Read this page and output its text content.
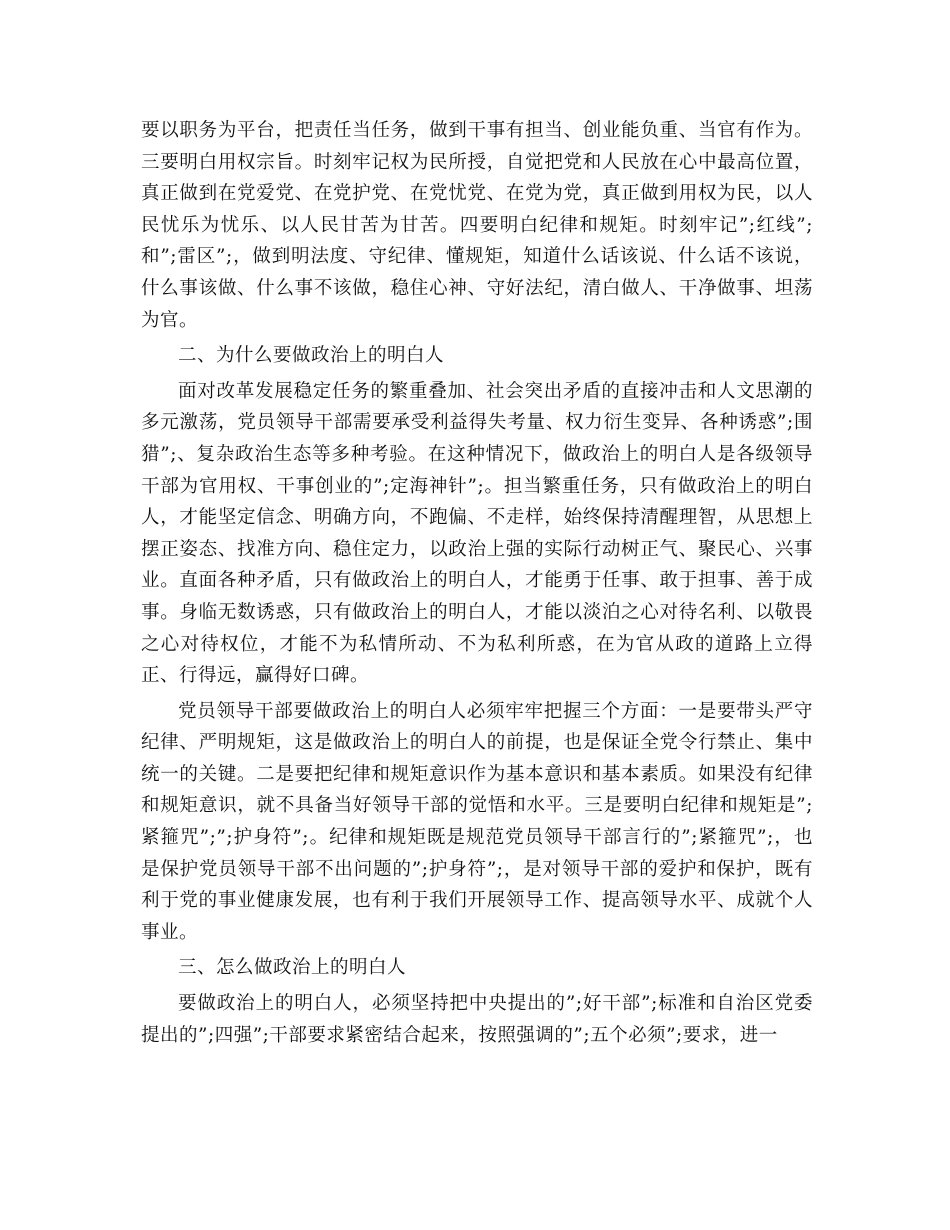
要以职务为平台，把责任当任务，做到干事有担当、创业能负重、当官有作为。三要明白用权宗旨。时刻牢记权为民所授，自觉把党和人民放在心中最高位置，真正做到在党爱党、在党护党、在党忧党、在党为党，真正做到用权为民，以人民忧乐为忧乐、以人民甘苦为甘苦。四要明白纪律和规矩。时刻牢记”;红线”;和”;雷区”;，做到明法度、守纪律、懂规矩，知道什么话该说、什么话不该说，什么事该做、什么事不该做，稳住心神、守好法纪，清白做人、干净做事、坦荡为官。

二、为什么要做政治上的明白人

面对改革发展稳定任务的繁重叠加、社会突出矛盾的直接冲击和人文思潮的多元激荡，党员领导干部需要承受利益得失考量、权力衍生变异、各种诱惑”;围猎”;、复杂政治生态等多种考验。在这种情况下，做政治上的明白人是各级领导干部为官用权、干事创业的”;定海神针”;。担当繁重任务，只有做政治上的明白人，才能坚定信念、明确方向，不跑偏、不走样，始终保持清醒理智，从思想上摆正姿态、找准方向、稳住定力，以政治上强的实际行动树正气、聚民心、兴事业。直面各种矛盾，只有做政治上的明白人，才能勇于任事、敢于担事、善于成事。身临无数诱惑，只有做政治上的明白人，才能以淡泊之心对待名利、以敬畏之心对待权位，才能不为私情所动、不为私利所惑，在为官从政的道路上立得正、行得远，赢得好口碑。

党员领导干部要做政治上的明白人必须牢牢把握三个方面：一是要带头严守纪律、严明规矩，这是做政治上的明白人的前提，也是保证全党令行禁止、集中统一的关键。二是要把纪律和规矩意识作为基本意识和基本素质。如果没有纪律和规矩意识，就不具备当好领导干部的觉悟和水平。三是要明白纪律和规矩是”;紧箍咒”;”;护身符”;。纪律和规矩既是规范党员领导干部言行的”;紧箍咒”;，也是保护党员领导干部不出问题的”;护身符”;，是对领导干部的爱护和保护，既有利于党的事业健康发展，也有利于我们开展领导工作、提高领导水平、成就个人事业。

三、怎么做政治上的明白人

要做政治上的明白人，必须坚持把中央提出的”;好干部”;标准和自治区党委提出的”;四强”;干部要求紧密结合起来，按照强调的”;五个必须”;要求，进一
